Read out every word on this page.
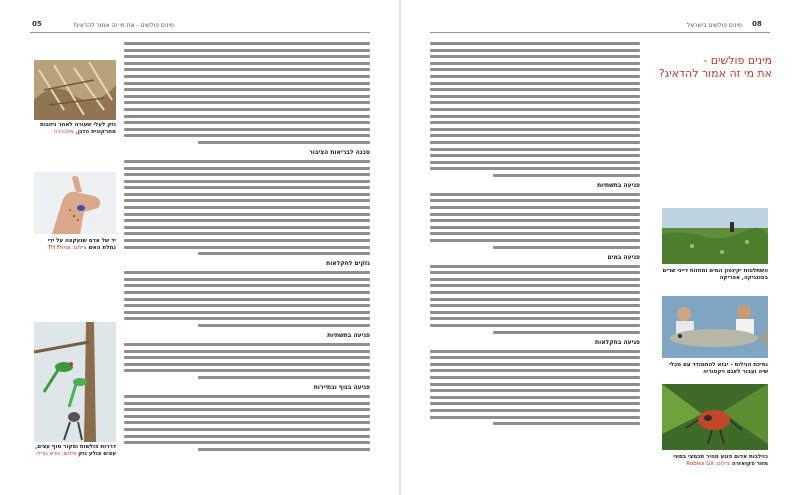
05	מינים פולשים - את מי זה אמור להדאיג?
סכנה לבריאות הציבור
נזקים לחקלאות
פגיעה בתשתיות
פגיעה בנוף ובתיירות
נזק לעלי שעורה לאחר ניזונות מחרקונית הדגן, אלבהרה
יד של אדם שנעקצה על ידי נמלת האש צילום: TH Frina
דררות פולשות וסקור סוף עצים, עצים צולע נזק צילום: נורא גורדו
08
מינים פולשים בישראל
מינים פולשים -
את מי זה אמור להדאיג?
פגיעה בתשתיות
פגיעה במים
פגיעה בחקלאות
השתלטות יקינטון המים ומחזות דייגי שרים בטנגניקה, אפריקה
נסיכת הנילוס - יבוא להתמודד עם מכלי שיה ועבור לאגם ויקטוריה
כוילבות אדום פוגע מהיר תכמצי בסוגי מזור פקואזרה צילום: Robles Gil
